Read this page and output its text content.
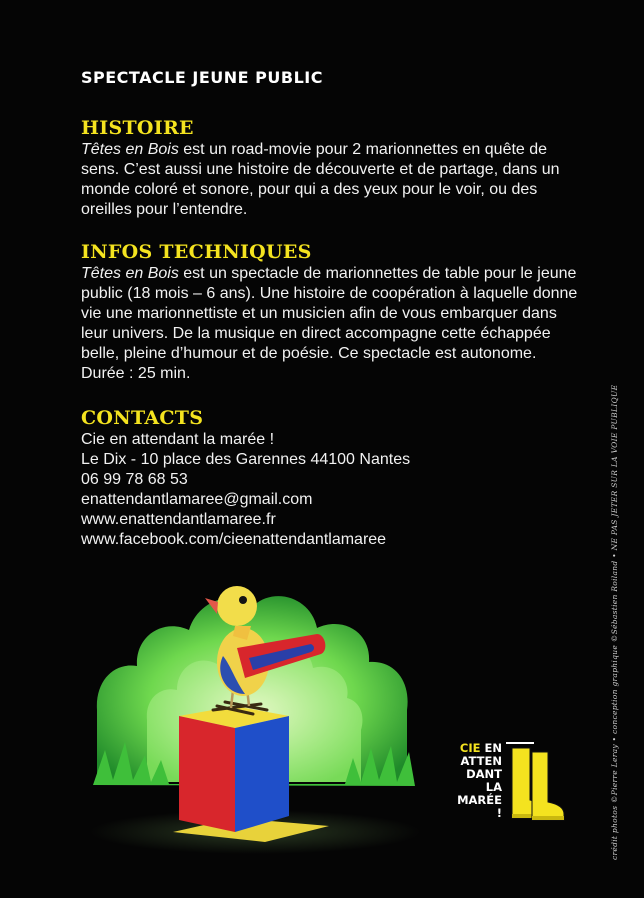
SPECTACLE JEUNE PUBLIC
HISTOIRE

Têtes en Bois est un road-movie pour 2 marionnettes en quête de sens. C’est aussi une histoire de découverte et de partage, dans un monde coloré et sonore, pour qui a des yeux pour le voir, ou des oreilles pour l’entendre.

INFOS TECHNIQUES

Têtes en Bois est un spectacle de marionnettes de table pour le jeune public (18 mois – 6 ans). Une histoire de coopération à laquelle donne vie une marionnettiste et un musicien afin de vous embarquer dans leur univers. De la musique en direct accompagne cette échappée belle, pleine d’humour et de poésie. Ce spectacle est autonome. Durée : 25 min.

CONTACTS
Cie en attendant la marée !
Le Dix - 10 place des Garennes 44100 Nantes
06 99 78 68 53
enattendantlamaree@gmail.com
www.enattendantlamaree.fr
www.facebook.com/cieenattendantlamaree
CIE EN
ATTEN
DANT
LA
MARÉE !	crédit photos ©Pierre Leray • conception graphique ©Sébastien Roiland • NE PAS JETER SUR LA VOIE PUBLIQUE
